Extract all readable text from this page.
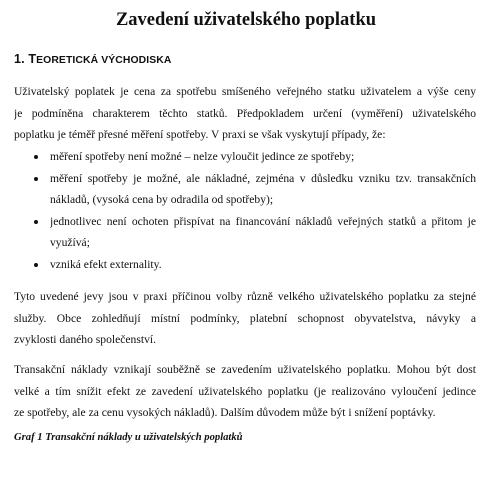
Zavedení uživatelského poplatku
1. TEORETICKÁ VÝCHODISKA
Uživatelský poplatek je cena za spotřebu smíšeného veřejného statku uživatelem a výše ceny
je podmíněna charakterem těchto statků. Předpokladem určení (vyměření) uživatelského
poplatku je téměř přesné měření spotřeby. V praxi se však vyskytují případy, že:
měření spotřeby není možné – nelze vyloučit jedince ze spotřeby;
měření spotřeby je možné, ale nákladné, zejména v důsledku vzniku tzv. transakčních
nákladů, (vysoká cena by odradila od spotřeby);
jednotlivec není ochoten přispívat na financování nákladů veřejných statků a přitom je
využívá;
vzniká efekt externality.
Tyto uvedené jevy jsou v praxi příčinou volby různě velkého uživatelského poplatku za stejné
služby. Obce zohledňují místní podmínky, platební schopnost obyvatelstva, návyky a
zvyklosti daného společenství.
Transakční náklady vznikají souběžně se zavedením uživatelského poplatku. Mohou být dost
velké a tím snížit efekt ze zavedení uživatelského poplatku (je realizováno vyloučení jedince
ze spotřeby, ale za cenu vysokých nákladů). Dalším důvodem může být i snížení poptávky.
Graf 1 Transakční náklady u uživatelských poplatků
